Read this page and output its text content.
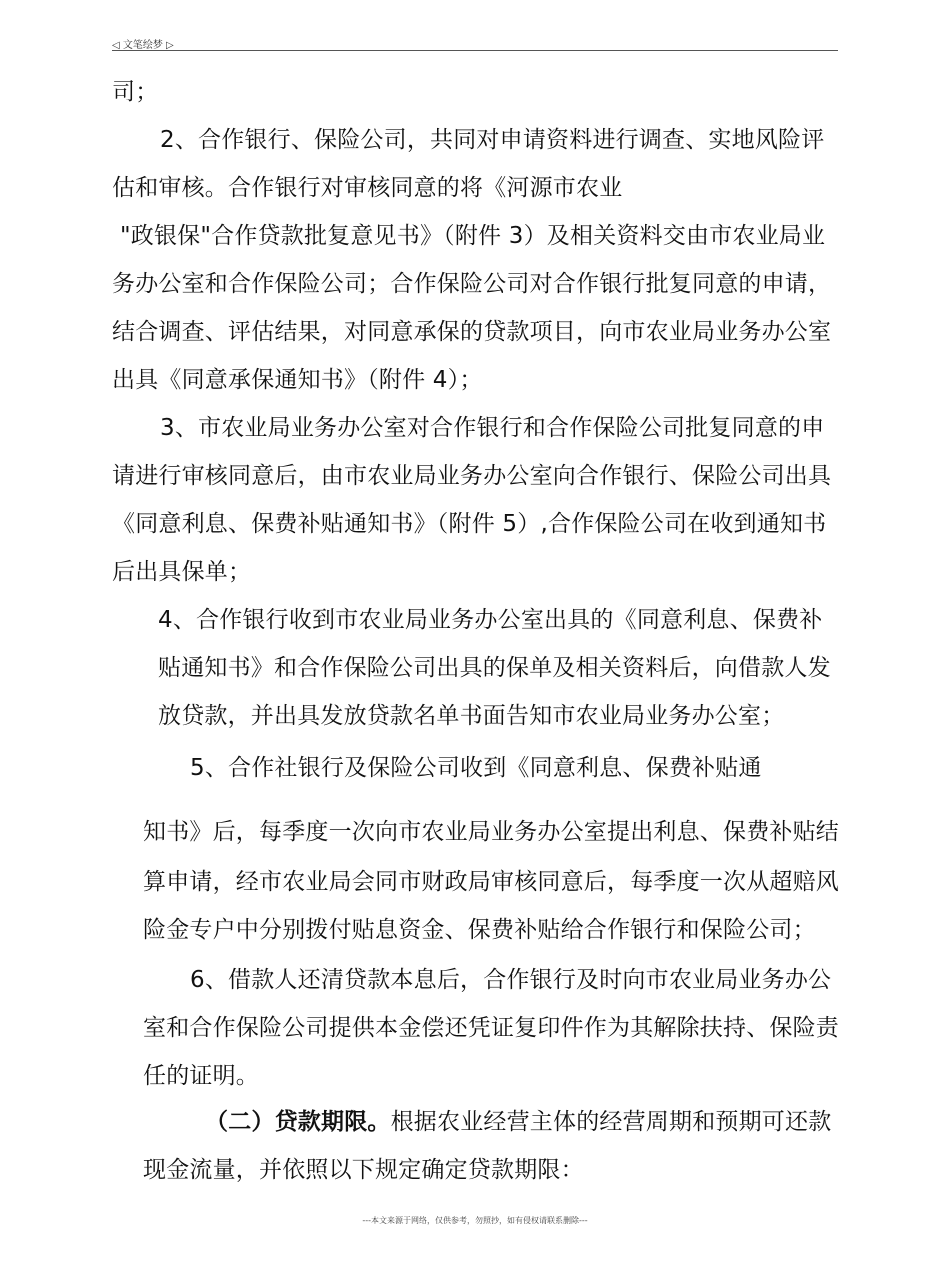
◁ 文笔绘梦 ▷
司；
2、合作银行、保险公司，共同对申请资料进行调查、实地风险评
估和审核。合作银行对审核同意的将《河源市农业
"政银保"合作贷款批复意见书》（附件 3）及相关资料交由市农业局业
务办公室和合作保险公司；合作保险公司对合作银行批复同意的申请，
结合调查、评估结果，对同意承保的贷款项目，向市农业局业务办公室
出具《同意承保通知书》（附件 4）；
3、市农业局业务办公室对合作银行和合作保险公司批复同意的申
请进行审核同意后，由市农业局业务办公室向合作银行、保险公司出具
《同意利息、保费补贴通知书》（附件 5）,合作保险公司在收到通知书
后出具保单；
4、合作银行收到市农业局业务办公室出具的《同意利息、保费补
贴通知书》和合作保险公司出具的保单及相关资料后，向借款人发
放贷款，并出具发放贷款名单书面告知市农业局业务办公室；
5、合作社银行及保险公司收到《同意利息、保费补贴通
知书》后，每季度一次向市农业局业务办公室提出利息、保费补贴结
算申请，经市农业局会同市财政局审核同意后，每季度一次从超赔风
险金专户中分别拨付贴息资金、保费补贴给合作银行和保险公司；
6、借款人还清贷款本息后，合作银行及时向市农业局业务办公
室和合作保险公司提供本金偿还凭证复印件作为其解除扶持、保险责
任的证明。
（二）贷款期限。根据农业经营主体的经营周期和预期可还款
现金流量，并依照以下规定确定贷款期限：
---本文来源于网络，仅供参考，勿照抄，如有侵权请联系删除---
